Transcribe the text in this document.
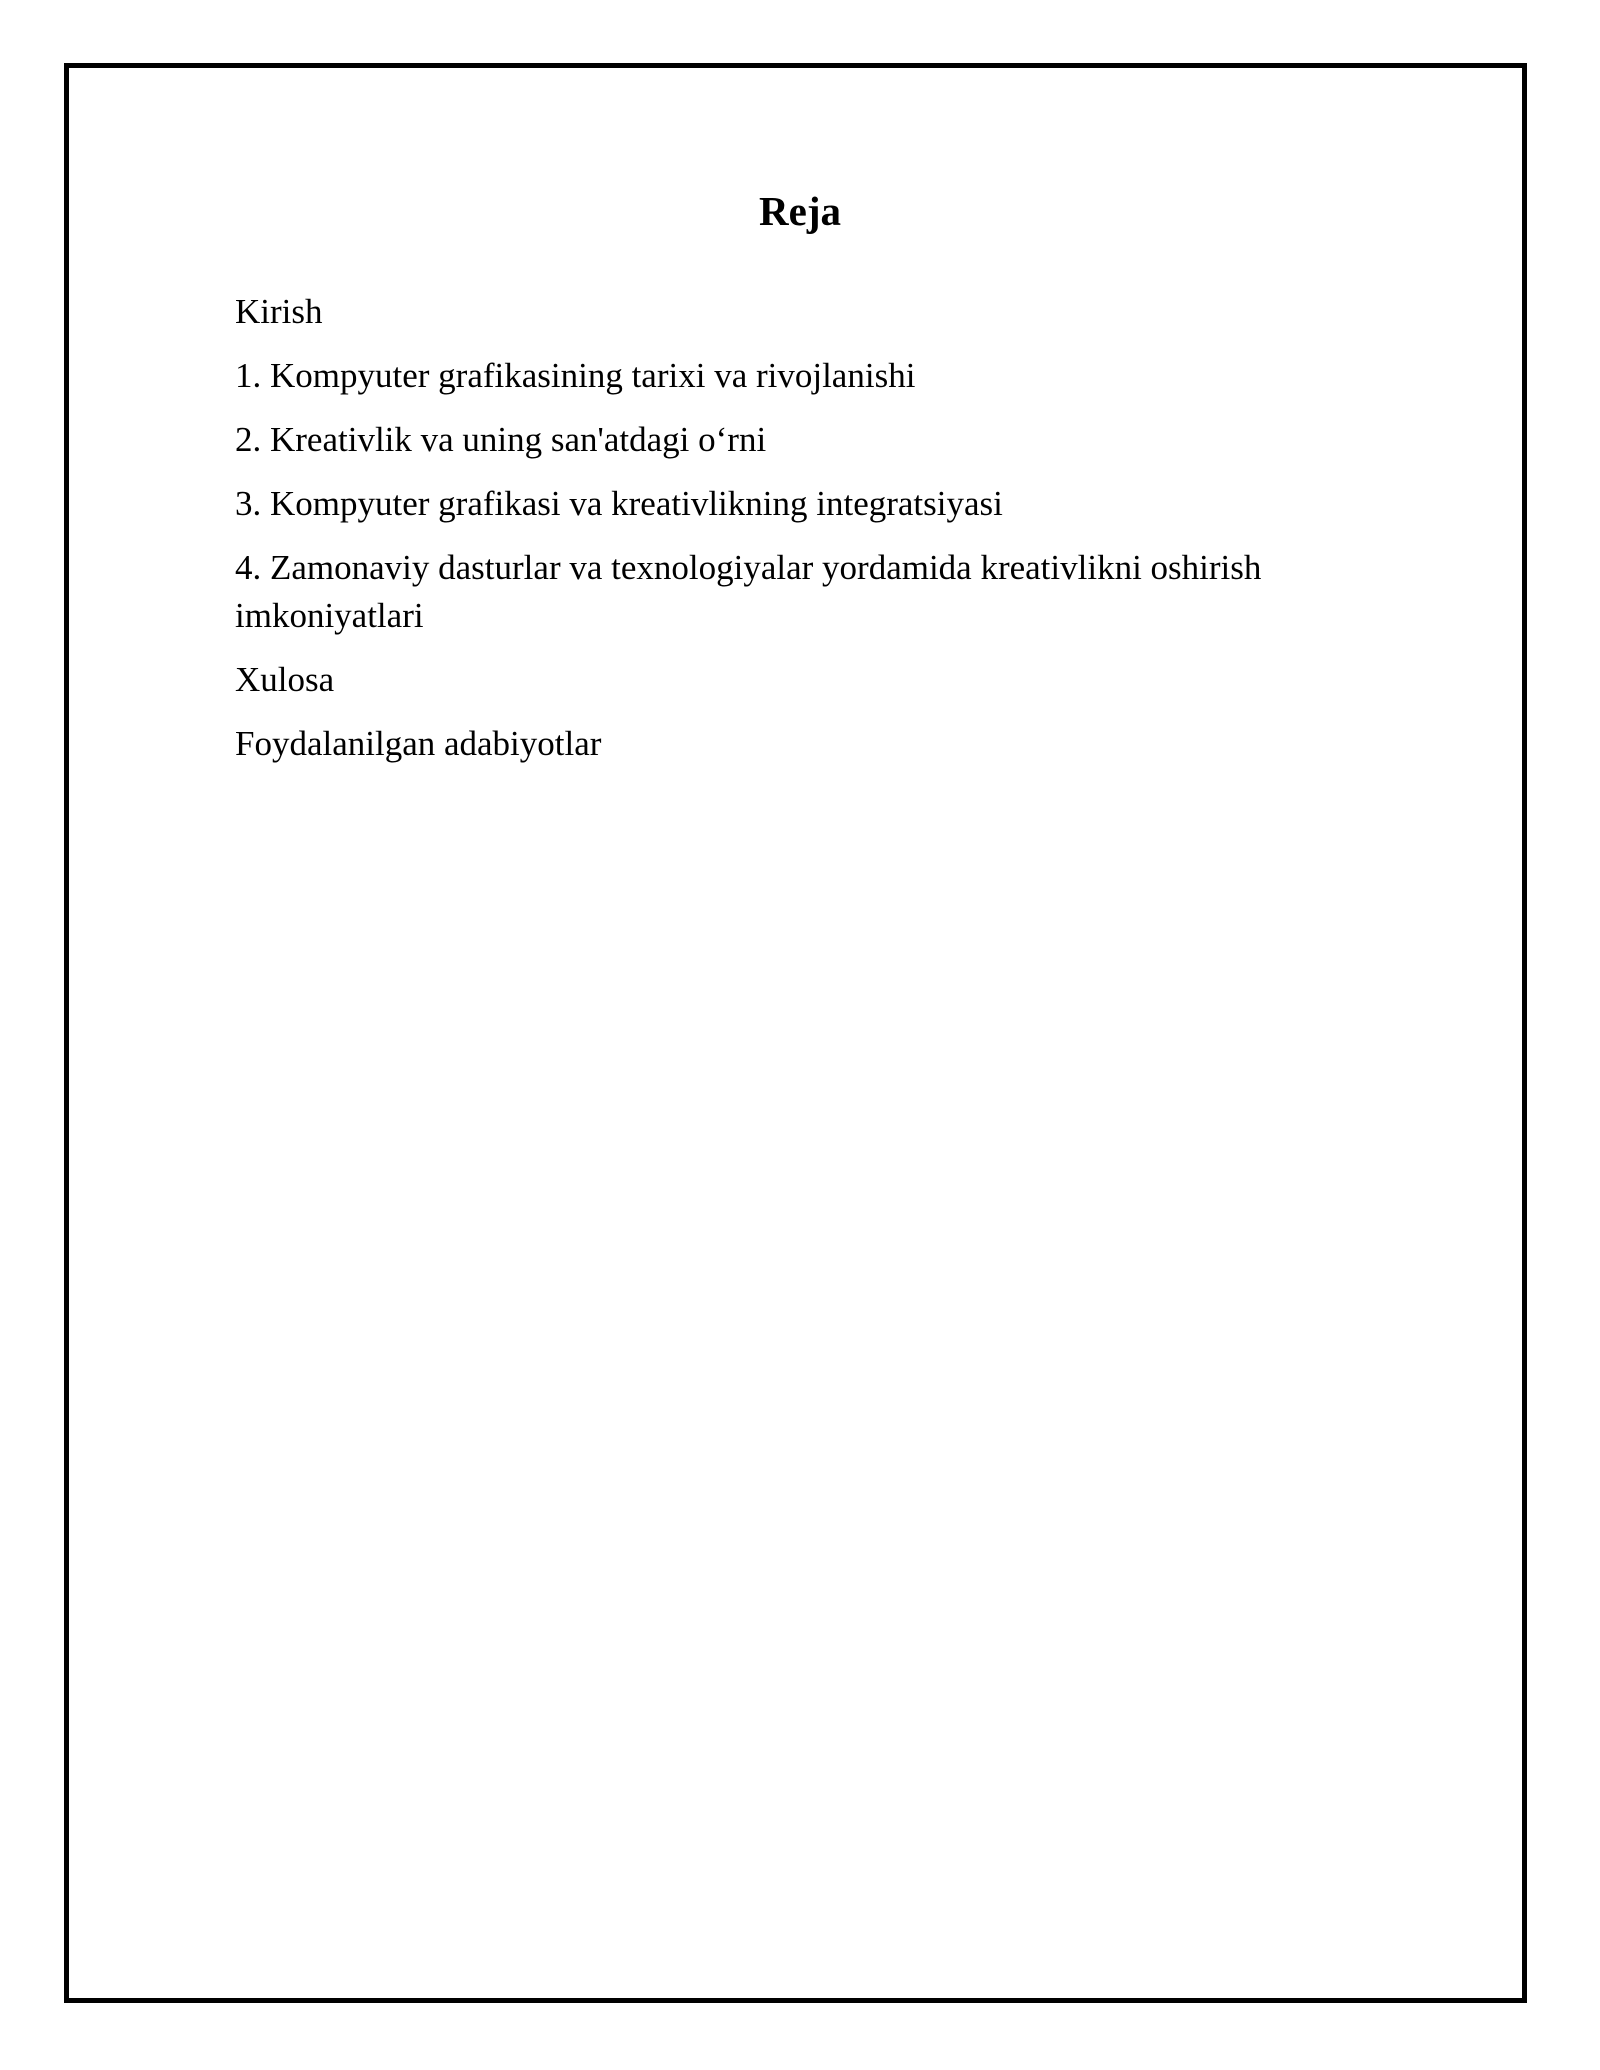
Reja
Kirish
1. Kompyuter grafikasining tarixi va rivojlanishi
2. Kreativlik va uning san'atdagi o‘rni
3. Kompyuter grafikasi va kreativlikning integratsiyasi
4. Zamonaviy dasturlar va texnologiyalar yordamida kreativlikni oshirish imkoniyatlari
Xulosa
Foydalanilgan adabiyotlar
